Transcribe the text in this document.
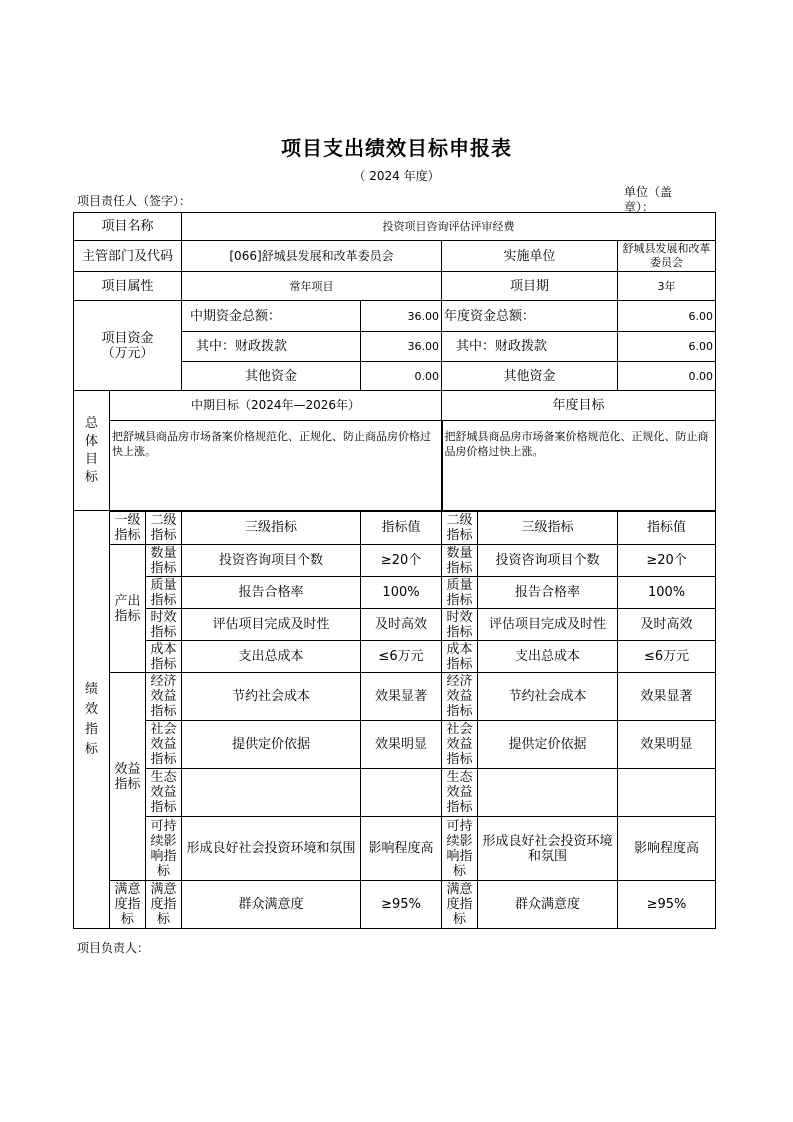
项目支出绩效目标申报表
（ 2024 年度）
项目责任人（签字）：
单位（盖章）：
项目名称			投资项目咨询评估评审经费				
主管部门及代码			[066]舒城县发展和改革委员会		实施单位		舒城县发展和改革委员会
项目属性			常年项目		项目期		3年
项目资金（万元）			中期资金总额：	36.00	年度资金总额：		6.00
			其中：财政拨款	36.00	其中：财政拨款		6.00
			其他资金	0.00	其他资金		0.00
总体目标	中期目标（2024年—2026年）				年度目标		
	把舒城县商品房市场备案价格规范化、正规化、防止商品房价格过快上涨。				把舒城县商品房市场备案价格规范化、正规化、防止商品房价格过快上涨。		
绩效指标	一级指标	二级指标	三级指标	指标值	二级指标	三级指标	指标值
	产出指标	数量指标	投资咨询项目个数	≥20个	数量指标	投资咨询项目个数	≥20个
		质量指标	报告合格率	100%	质量指标	报告合格率	100%
		时效指标	评估项目完成及时性	及时高效	时效指标	评估项目完成及时性	及时高效
		成本指标	支出总成本	≤6万元	成本指标	支出总成本	≤6万元
	效益指标	经济效益指标	节约社会成本	效果显著	经济效益指标	节约社会成本	效果显著
		社会效益指标	提供定价依据	效果明显	社会效益指标	提供定价依据	效果明显
		生态效益指标			生态效益指标		
		可持续影响指标	形成良好社会投资环境和氛围	影响程度高	可持续影响指标	形成良好社会投资环境和氛围	影响程度高
	满意度指标	满意度指标	群众满意度	≥95%	满意度指标	群众满意度	≥95%
项目负责人：
